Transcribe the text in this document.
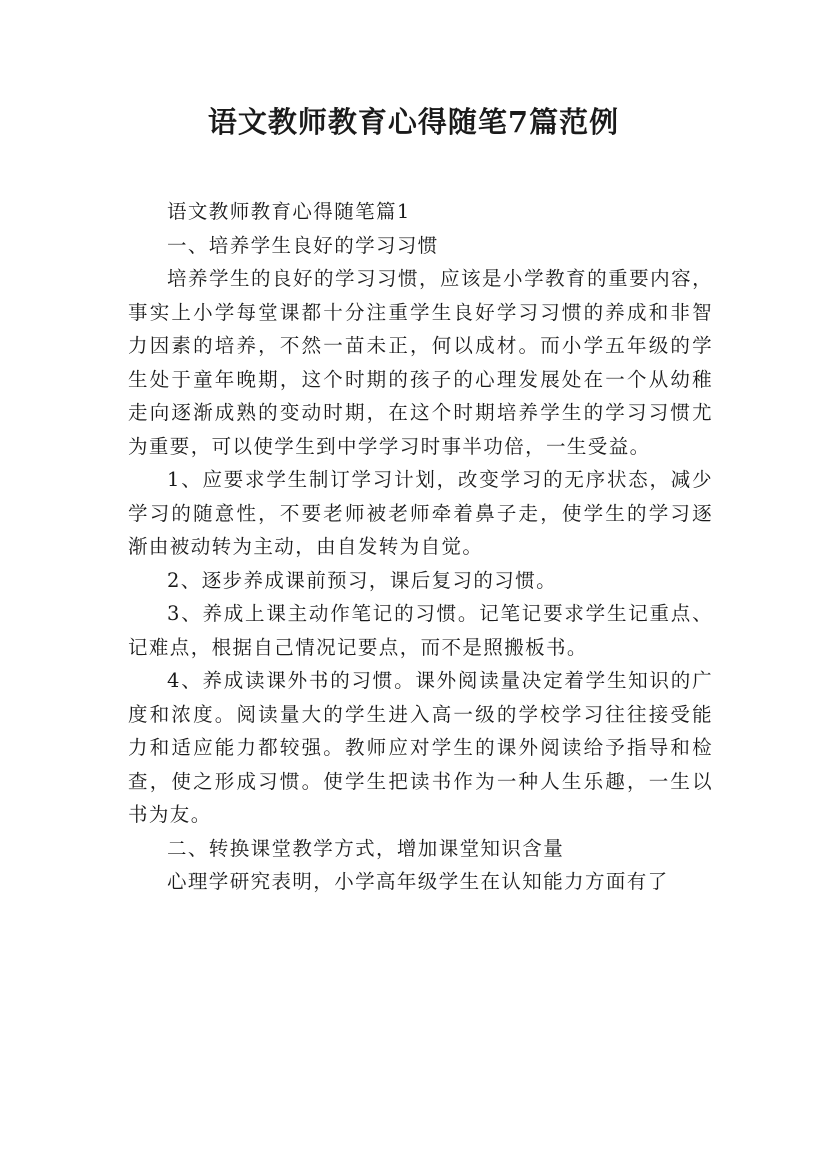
语文教师教育心得随笔7篇范例

语文教师教育心得随笔篇1

一、培养学生良好的学习习惯

培养学生的良好的学习习惯，应该是小学教育的重要内容，事实上小学每堂课都十分注重学生良好学习习惯的养成和非智力因素的培养，不然一苗未正，何以成材。而小学五年级的学生处于童年晚期，这个时期的孩子的心理发展处在一个从幼稚走向逐渐成熟的变动时期，在这个时期培养学生的学习习惯尤为重要，可以使学生到中学学习时事半功倍，一生受益。

1、应要求学生制订学习计划，改变学习的无序状态，减少学习的随意性，不要老师被老师牵着鼻子走，使学生的学习逐渐由被动转为主动，由自发转为自觉。

2、逐步养成课前预习，课后复习的习惯。

3、养成上课主动作笔记的习惯。记笔记要求学生记重点、记难点，根据自己情况记要点，而不是照搬板书。

4、养成读课外书的习惯。课外阅读量决定着学生知识的广度和浓度。阅读量大的学生进入高一级的学校学习往往接受能力和适应能力都较强。教师应对学生的课外阅读给予指导和检查，使之形成习惯。使学生把读书作为一种人生乐趣，一生以书为友。

二、转换课堂教学方式，增加课堂知识含量

心理学研究表明，小学高年级学生在认知能力方面有了
